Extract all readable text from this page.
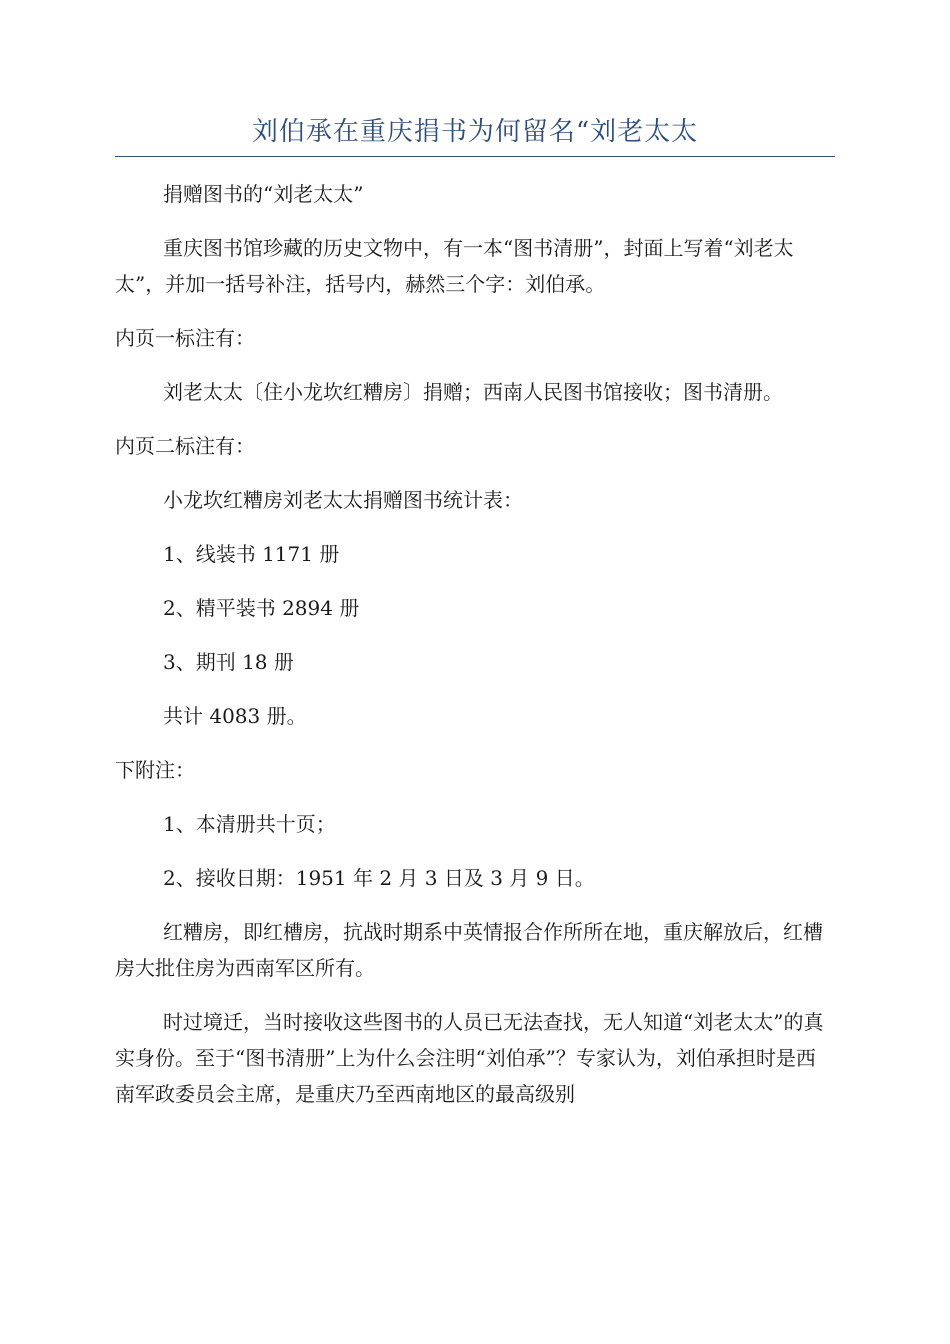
刘伯承在重庆捐书为何留名“刘老太太

捐赠图书的“刘老太太”

重庆图书馆珍藏的历史文物中，有一本“图书清册”，封面上写着“刘老太太”，并加一括号补注，括号内，赫然三个字：刘伯承。

内页一标注有：

刘老太太〔住小龙坎红糟房〕捐赠；西南人民图书馆接收；图书清册。

内页二标注有：

小龙坎红糟房刘老太太捐赠图书统计表：

1、线装书 1171 册

2、精平装书 2894 册

3、期刊 18 册

共计 4083 册。

下附注：

1、本清册共十页；

2、接收日期：1951 年 2 月 3 日及 3 月 9 日。

红糟房，即红槽房，抗战时期系中英情报合作所所在地，重庆解放后，红槽房大批住房为西南军区所有。

时过境迁，当时接收这些图书的人员已无法查找，无人知道“刘老太太”的真实身份。至于“图书清册”上为什么会注明“刘伯承”？专家认为，刘伯承担时是西南军政委员会主席，是重庆乃至西南地区的最高级别
